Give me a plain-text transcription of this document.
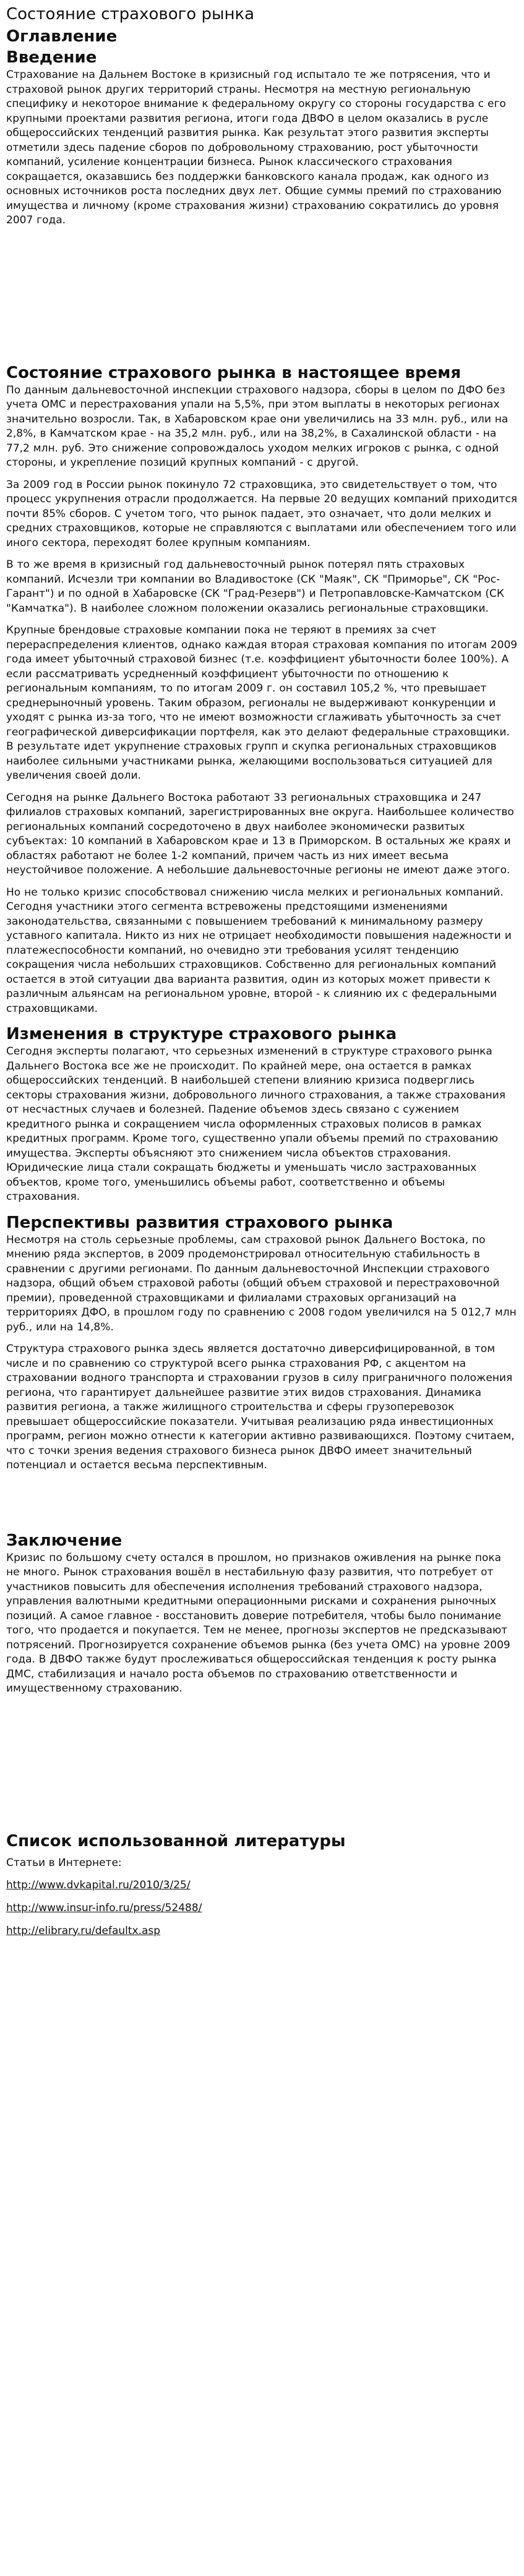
Состояние страхового рынка
Оглавление
Введение

Страхование на Дальнем Востоке в кризисный год испытало те же потрясения, что и страховой рынок других территорий страны. Несмотря на местную региональную специфику и некоторое внимание к федеральному округу со стороны государства с его крупными проектами развития региона, итоги года ДВФО в целом оказались в русле общероссийских тенденций развития рынка. Как результат этого развития эксперты отметили здесь падение сборов по добровольному страхованию, рост убыточности компаний, усиление концентрации бизнеса. Рынок классического страхования сокращается, оказавшись без поддержки банковского канала продаж, как одного из основных источников роста последних двух лет. Общие суммы премий по страхованию имущества и личному (кроме страхования жизни) страхованию сократились до уровня 2007 года.

Состояние страхового рынка в настоящее время

По данным дальневосточной инспекции страхового надзора, сборы в целом по ДФО без учета ОМС и перестрахования упали на 5,5%, при этом выплаты в некоторых регионах значительно возросли. Так, в Хабаровском крае они увеличились на 33 млн. руб., или на 2,8%, в Камчатском крае - на 35,2 млн. руб., или на 38,2%, в Сахалинской области - на 77,2 млн. руб. Это снижение сопровождалось уходом мелких игроков с рынка, с одной стороны, и укрепление позиций крупных компаний - с другой.

За 2009 год в России рынок покинуло 72 страховщика, это свидетельствует о том, что процесс укрупнения отрасли продолжается. На первые 20 ведущих компаний приходится почти 85% сборов. С учетом того, что рынок падает, это означает, что доли мелких и средних страховщиков, которые не справляются с выплатами или обеспечением того или иного сектора, переходят более крупным компаниям.

В то же время в кризисный год дальневосточный рынок потерял пять страховых компаний. Исчезли три компании во Владивостоке (СК "Маяк", СК "Приморье", СК "Рос-Гарант") и по одной в Хабаровске (СК "Град-Резерв") и Петропавловске-Камчатском (СК "Камчатка"). В наиболее сложном положении оказались региональные страховщики.

Крупные брендовые страховые компании пока не теряют в премиях за счет перераспределения клиентов, однако каждая вторая страховая компания по итогам 2009 года имеет убыточный страховой бизнес (т.е. коэффициент убыточности более 100%). А если рассматривать усредненный коэффициент убыточности по отношению к региональным компаниям, то по итогам 2009 г. он составил 105,2 %, что превышает среднерыночный уровень. Таким образом, регионалы не выдерживают конкуренции и уходят с рынка из-за того, что не имеют возможности сглаживать убыточность за счет географической диверсификации портфеля, как это делают федеральные страховщики. В результате идет укрупнение страховых групп и скупка региональных страховщиков наиболее сильными участниками рынка, желающими воспользоваться ситуацией для увеличения своей доли.

Сегодня на рынке Дальнего Востока работают 33 региональных страховщика и 247 филиалов страховых компаний, зарегистрированных вне округа. Наибольшее количество региональных компаний сосредоточено в двух наиболее экономически развитых субъектах: 10 компаний в Хабаровском крае и 13 в Приморском. В остальных же краях и областях работают не более 1-2 компаний, причем часть из них имеет весьма неустойчивое положение. А небольшие дальневосточные регионы не имеют даже этого.

Но не только кризис способствовал снижению числа мелких и региональных компаний. Сегодня участники этого сегмента встревожены предстоящими изменениями законодательства, связанными с повышением требований к минимальному размеру уставного капитала. Никто из них не отрицает необходимости повышения надежности и платежеспособности компаний, но очевидно эти требования усилят тенденцию сокращения числа небольших страховщиков. Собственно для региональных компаний остается в этой ситуации два варианта развития, один из которых может привести к различным альянсам на региональном уровне, второй - к слиянию их с федеральными страховщиками.

Изменения в структуре страхового рынка

Сегодня эксперты полагают, что серьезных изменений в структуре страхового рынка Дальнего Востока все же не происходит. По крайней мере, она остается в рамках общероссийских тенденций. В наибольшей степени влиянию кризиса подверглись секторы страхования жизни, добровольного личного страхования, а также страхования от несчастных случаев и болезней. Падение объемов здесь связано с сужением кредитного рынка и сокращением числа оформленных страховых полисов в рамках кредитных программ. Кроме того, существенно упали объемы премий по страхованию имущества. Эксперты объясняют это снижением числа объектов страхования. Юридические лица стали сокращать бюджеты и уменьшать число застрахованных объектов, кроме того, уменьшились объемы работ, соответственно и объемы страхования.

Перспективы развития страхового рынка

Несмотря на столь серьезные проблемы, сам страховой рынок Дальнего Востока, по мнению ряда экспертов, в 2009 продемонстрировал относительную стабильность в сравнении с другими регионами. По данным дальневосточной Инспекции страхового надзора, общий объем страховой работы (общий объем страховой и перестраховочной премии), проведенной страховщиками и филиалами страховых организаций на территориях ДФО, в прошлом году по сравнению с 2008 годом увеличился на 5 012,7 млн руб., или на 14,8%.

Структура страхового рынка здесь является достаточно диверсифицированной, в том числе и по сравнению со структурой всего рынка страхования РФ, с акцентом на страховании водного транспорта и страховании грузов в силу приграничного положения региона, что гарантирует дальнейшее развитие этих видов страхования. Динамика развития региона, а также жилищного строительства и сферы грузоперевозок превышает общероссийские показатели. Учитывая реализацию ряда инвестиционных программ, регион можно отнести к категории активно развивающихся. Поэтому считаем, что с точки зрения ведения страхового бизнеса рынок ДВФО имеет значительный потенциал и остается весьма перспективным.

Заключение

Кризис по большому счету остался в прошлом, но признаков оживления на рынке пока не много. Рынок страхования вошёл в нестабильную фазу развития, что потребует от участников повысить для обеспечения исполнения требований страхового надзора, управления валютными кредитными операционными рисками и сохранения рыночных позиций. А самое главное - восстановить доверие потребителя, чтобы было понимание того, что продается и покупается. Тем не менее, прогнозы экспертов не предсказывают потрясений. Прогнозируется сохранение объемов рынка (без учета ОМС) на уровне 2009 года. В ДВФО также будут прослеживаться общероссийская тенденция к росту рынка ДМС, стабилизация и начало роста объемов по страхованию ответственности и имущественному страхованию.

Список использованной литературы
Статьи в Интернете:
http://www.dvkapital.ru/2010/3/25/
http://www.insur-info.ru/press/52488/
http://elibrary.ru/defaultx.asp
